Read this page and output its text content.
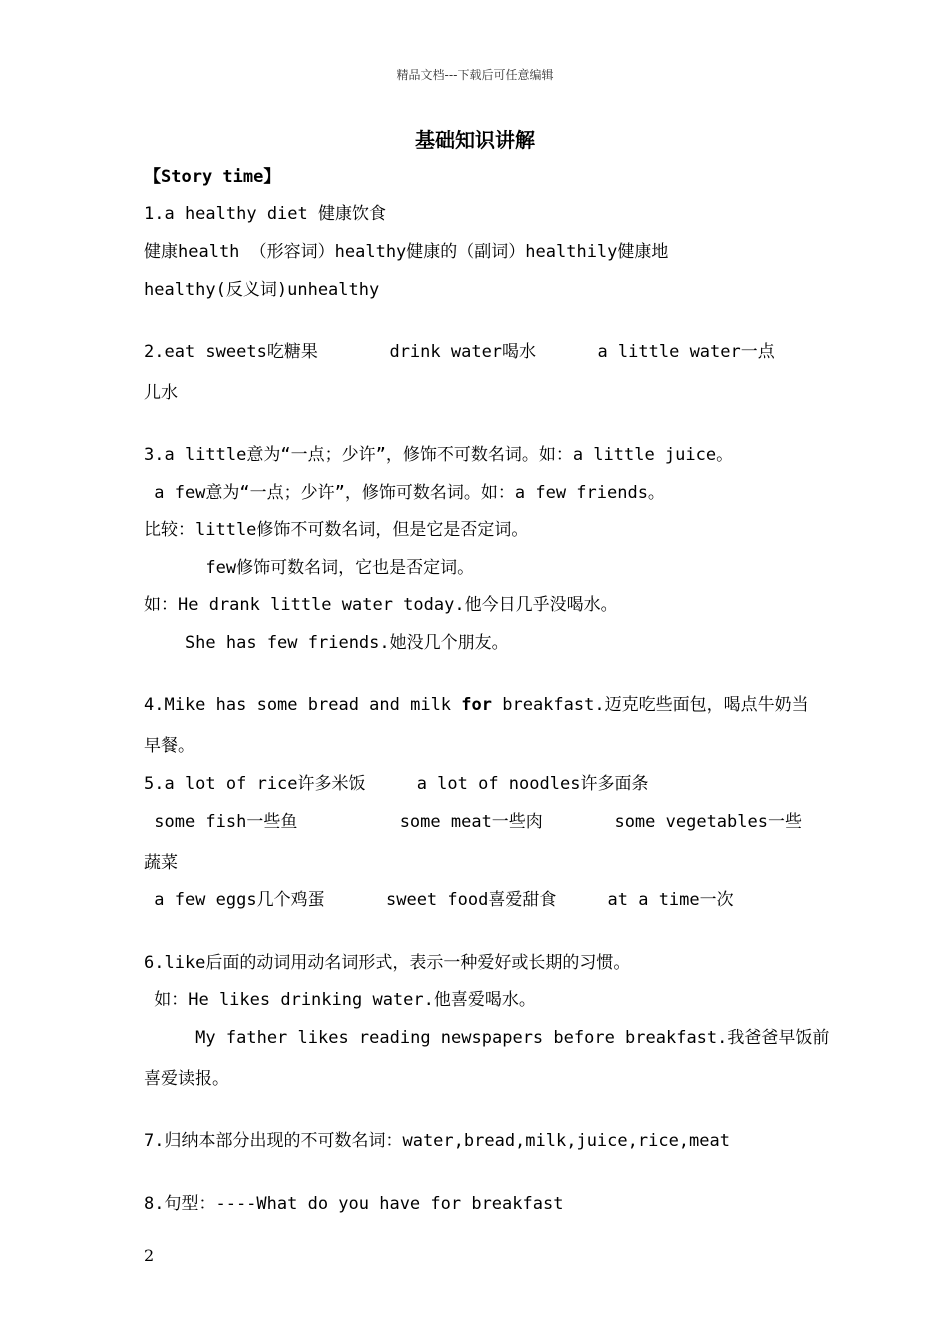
精品文档---下载后可任意编辑
基础知识讲解
【Story time】
1.a healthy diet 健康饮食
健康health （形容词）healthy健康的（副词）healthily健康地
healthy(反义词)unhealthy
2.eat sweets吃糖果       drink water喝水      a little water一点
儿水
3.a little意为“一点；少许”，修饰不可数名词。如：a little juice。
a few意为“一点；少许”，修饰可数名词。如：a few friends。
比较：little修饰不可数名词，但是它是否定词。
few修饰可数名词，它也是否定词。
如：He drank little water today.他今日几乎没喝水。
She has few friends.她没几个朋友。
4.Mike has some bread and milk for breakfast.迈克吃些面包，喝点牛奶当
早餐。
5.a lot of rice许多米饭     a lot of noodles许多面条
some fish一些鱼          some meat一些肉       some vegetables一些
蔬菜
a few eggs几个鸡蛋      sweet food喜爱甜食     at a time一次
6.like后面的动词用动名词形式，表示一种爱好或长期的习惯。
如：He likes drinking water.他喜爱喝水。
My father likes reading newspapers before breakfast.我爸爸早饭前
喜爱读报。
7.归纳本部分出现的不可数名词：water,bread,milk,juice,rice,meat
8.句型：----What do you have for breakfast
2
